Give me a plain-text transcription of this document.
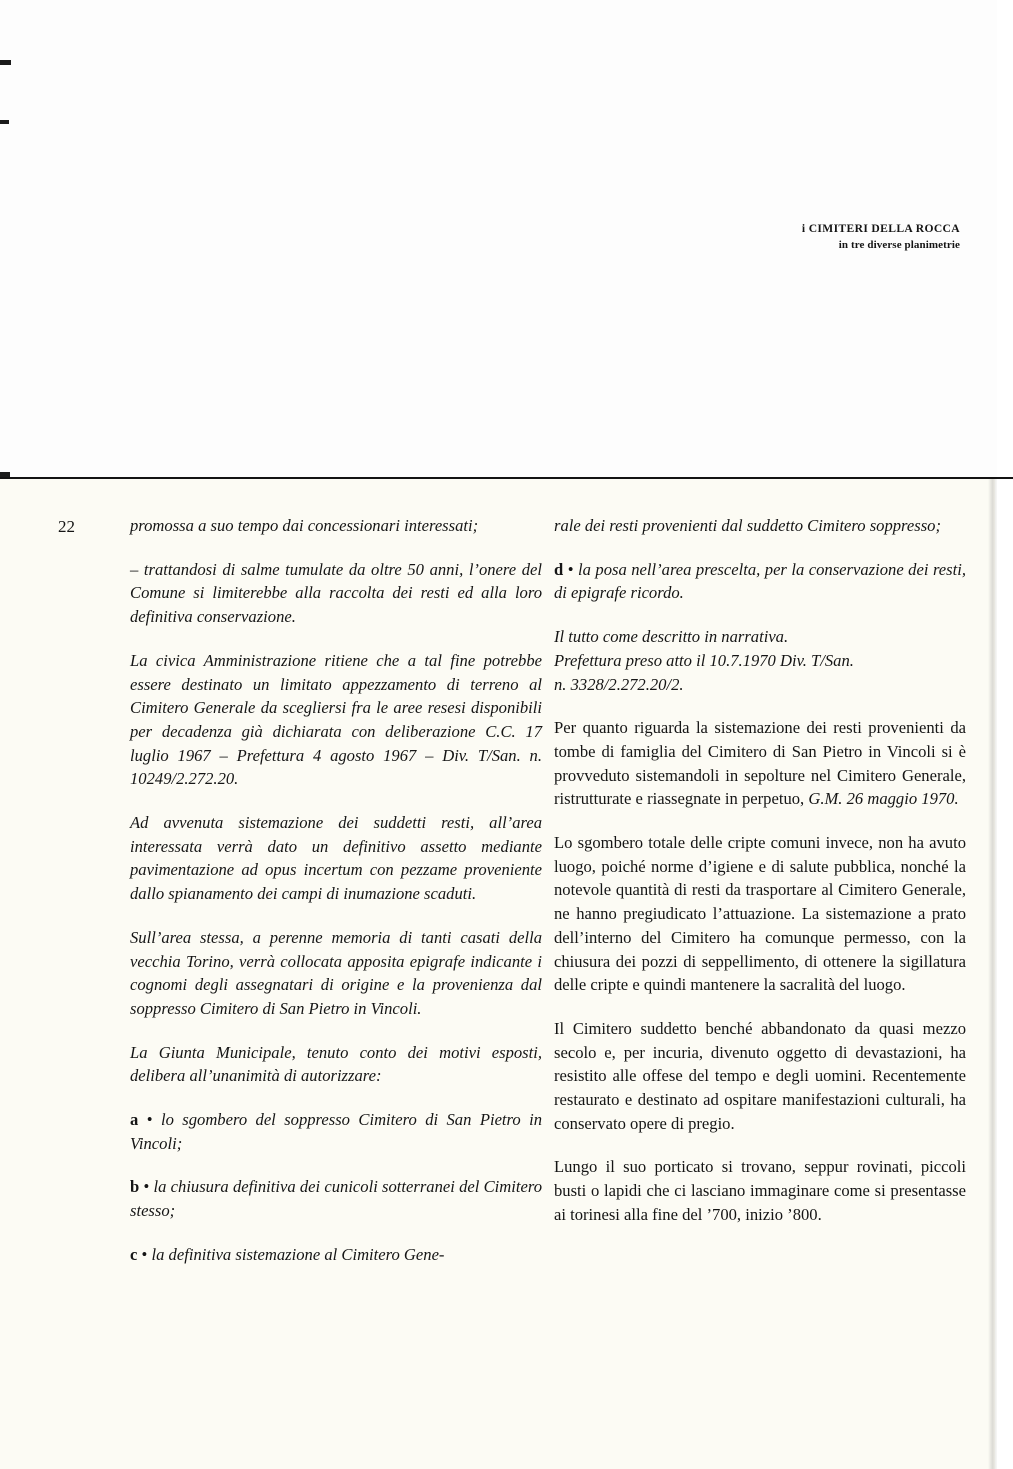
i CIMITERI DELLA ROCCA
in tre diverse planimetrie
22	promossa a suo tempo dai concessionari interessati;

– trattandosi di salme tumulate da oltre 50 anni, l’onere del Comune si limiterebbe alla raccolta dei resti ed alla loro definitiva conservazione.

La civica Amministrazione ritiene che a tal fine potrebbe essere destinato un limitato appezzamento di terreno al Cimitero Generale da scegliersi fra le aree resesi disponibili per decadenza già dichiarata con deliberazione C.C. 17 luglio 1967 – Prefettura 4 agosto 1967 – Div. T/San. n. 10249/2.272.20.

Ad avvenuta sistemazione dei suddetti resti, all’area interessata verrà dato un definitivo assetto mediante pavimentazione ad opus incertum con pezzame proveniente dallo spianamento dei campi di inumazione scaduti.

Sull’area stessa, a perenne memoria di tanti casati della vecchia Torino, verrà collocata apposita epigrafe indicante i cognomi degli assegnatari di origine e la provenienza dal soppresso Cimitero di San Pietro in Vincoli.

La Giunta Municipale, tenuto conto dei motivi esposti, delibera all’unanimità di autorizzare:

a • lo sgombero del soppresso Cimitero di San Pietro in Vincoli;

b • la chiusura definitiva dei cunicoli sotterranei del Cimitero stesso;

c • la definitiva sistemazione al Cimitero Gene-

rale dei resti provenienti dal suddetto Cimitero soppresso;

d • la posa nell’area prescelta, per la conservazione dei resti, di epigrafe ricordo.

Il tutto come descritto in narrativa.
Prefettura preso atto il 10.7.1970 Div. T/San.
n. 3328/2.272.20/2.

Per quanto riguarda la sistemazione dei resti provenienti da tombe di famiglia del Cimitero di San Pietro in Vincoli si è provveduto sistemandoli in sepolture nel Cimitero Generale, ristrutturate e riassegnate in perpetuo, G.M. 26 maggio 1970.

Lo sgombero totale delle cripte comuni invece, non ha avuto luogo, poiché norme d’igiene e di salute pubblica, nonché la notevole quantità di resti da trasportare al Cimitero Generale, ne hanno pregiudicato l’attuazione. La sistemazione a prato dell’interno del Cimitero ha comunque permesso, con la chiusura dei pozzi di seppellimento, di ottenere la sigillatura delle cripte e quindi mantenere la sacralità del luogo.

Il Cimitero suddetto benché abbandonato da quasi mezzo secolo e, per incuria, divenuto oggetto di devastazioni, ha resistito alle offese del tempo e degli uomini. Recentemente restaurato e destinato ad ospitare manifestazioni culturali, ha conservato opere di pregio.

Lungo il suo porticato si trovano, seppur rovinati, piccoli busti o lapidi che ci lasciano immaginare come si presentasse ai torinesi alla fine del ’700, inizio ’800.
